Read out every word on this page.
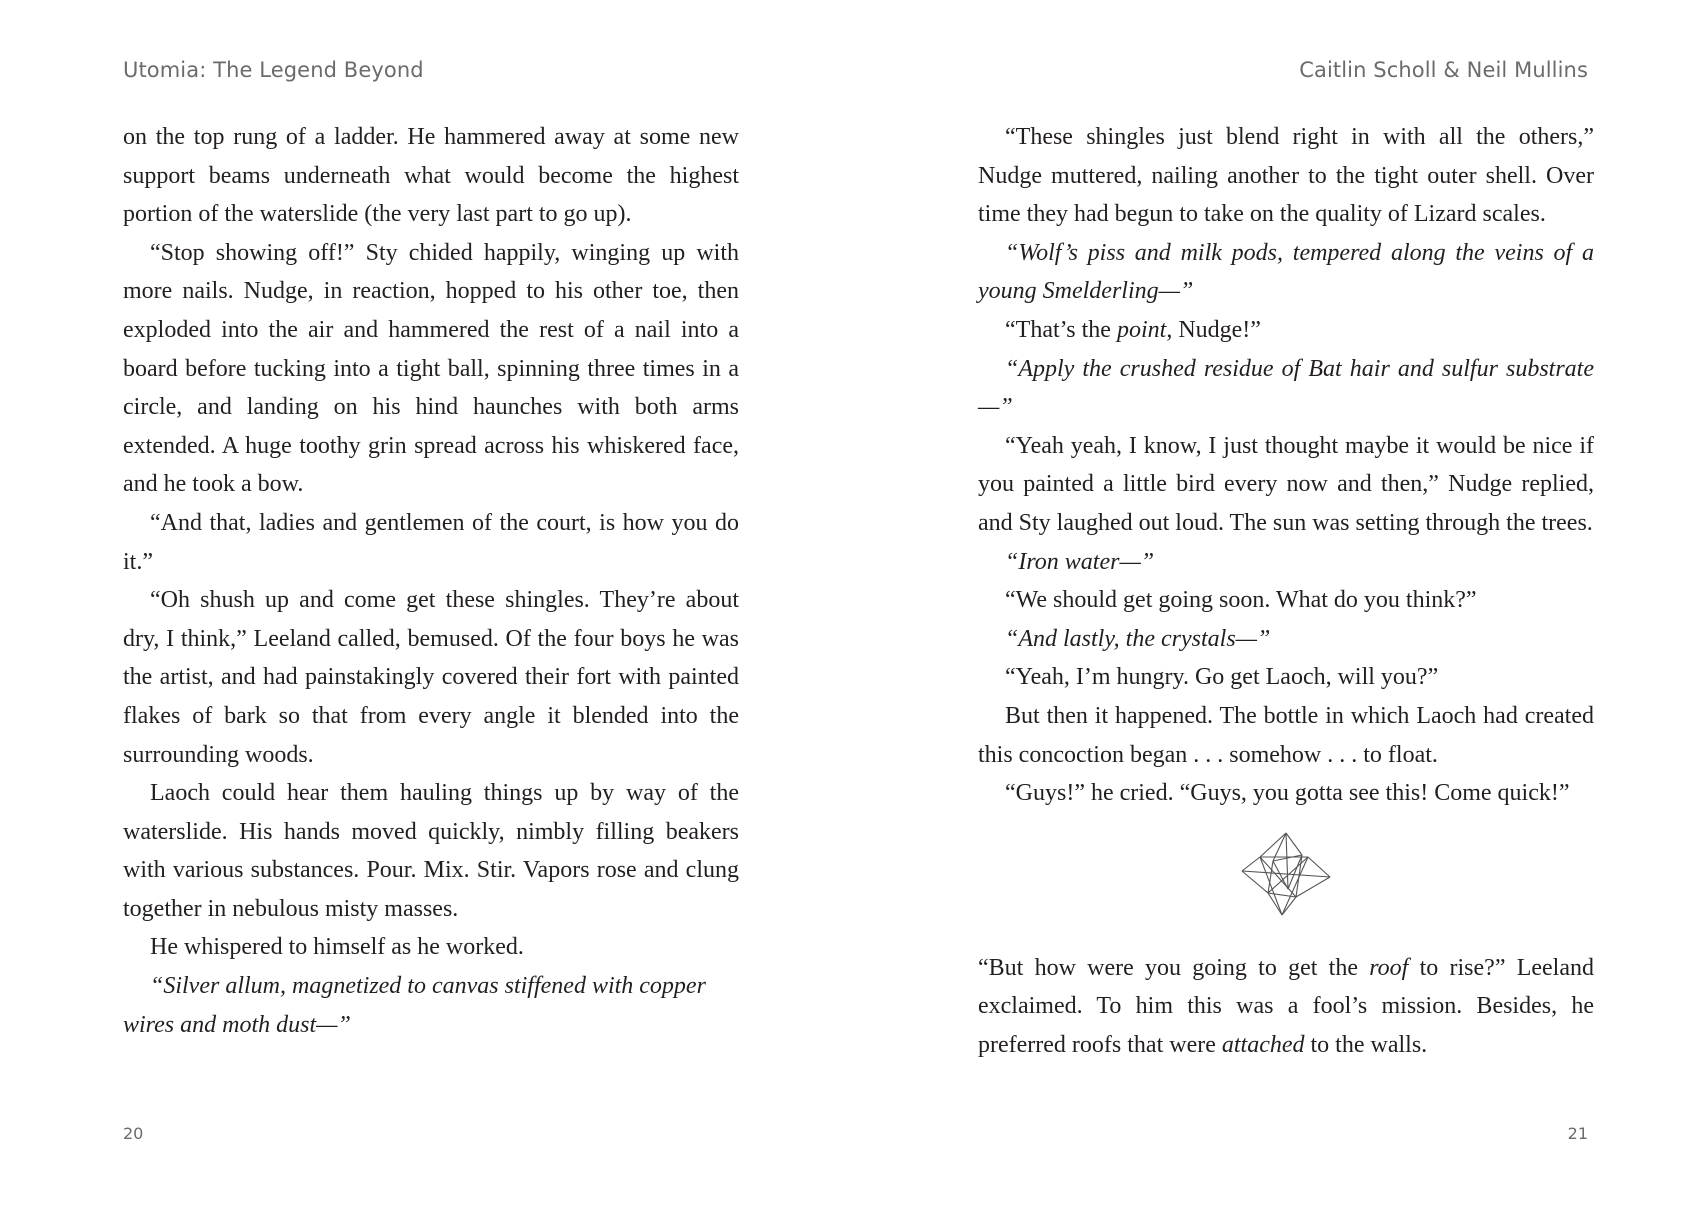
Utomia: The Legend Beyond

on the top rung of a ladder. He hammered away at some new support beams underneath what would become the highest portion of the waterslide (the very last part to go up).

“Stop showing off!” Sty chided happily, winging up with more nails. Nudge, in reaction, hopped to his other toe, then exploded into the air and hammered the rest of a nail into a board before tucking into a tight ball, spinning three times in a circle, and landing on his hind haunches with both arms extended. A huge toothy grin spread across his whiskered face, and he took a bow.

“And that, ladies and gentlemen of the court, is how you do it.”

“Oh shush up and come get these shingles. They’re about dry, I think,” Leeland called, bemused. Of the four boys he was the artist, and had painstakingly covered their fort with painted flakes of bark so that from every angle it blended into the surrounding woods.

Laoch could hear them hauling things up by way of the waterslide. His hands moved quickly, nimbly filling beakers with various substances. Pour. Mix. Stir. Vapors rose and clung together in nebulous misty masses.

He whispered to himself as he worked.

“Silver allum, magnetized to canvas stiffened with copper wires and moth dust—”

20
Caitlin Scholl & Neil Mullins

“These shingles just blend right in with all the others,” Nudge muttered, nailing another to the tight outer shell. Over time they had begun to take on the quality of Lizard scales.

“Wolf’s piss and milk pods, tempered along the veins of a young Smelderling—”

“That’s the point, Nudge!”

“Apply the crushed residue of Bat hair and sulfur substrate—”

“Yeah yeah, I know, I just thought maybe it would be nice if you painted a little bird every now and then,” Nudge replied, and Sty laughed out loud. The sun was setting through the trees.

“Iron water—”

“We should get going soon. What do you think?”

“And lastly, the crystals—”

“Yeah, I’m hungry. Go get Laoch, will you?”

But then it happened. The bottle in which Laoch had created this concoction began . . . somehow . . . to float.

“Guys!” he cried. “Guys, you gotta see this! Come quick!”

“But how were you going to get the roof to rise?” Leeland exclaimed. To him this was a fool’s mission. Besides, he preferred roofs that were attached to the walls.

21
